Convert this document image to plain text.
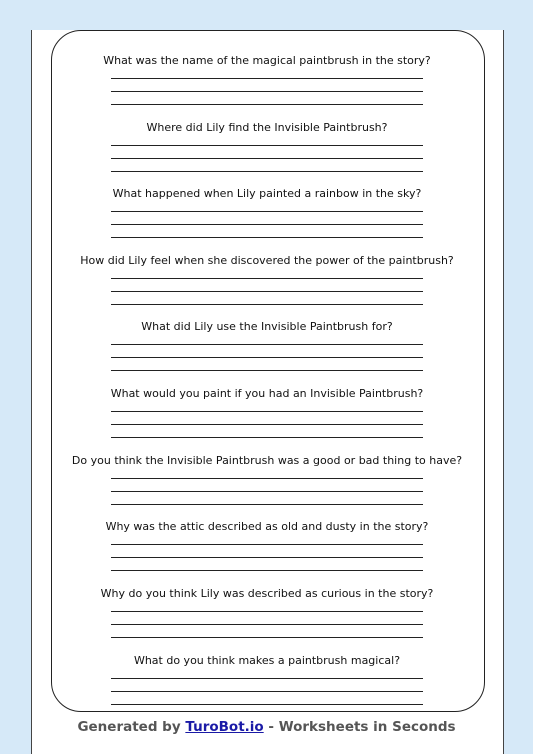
What was the name of the magical paintbrush in the story?
Where did Lily find the Invisible Paintbrush?
What happened when Lily painted a rainbow in the sky?
How did Lily feel when she discovered the power of the paintbrush?
What did Lily use the Invisible Paintbrush for?
What would you paint if you had an Invisible Paintbrush?
Do you think the Invisible Paintbrush was a good or bad thing to have?
Why was the attic described as old and dusty in the story?
Why do you think Lily was described as curious in the story?
What do you think makes a paintbrush magical?
Generated by TuroBot.io - Worksheets in Seconds
